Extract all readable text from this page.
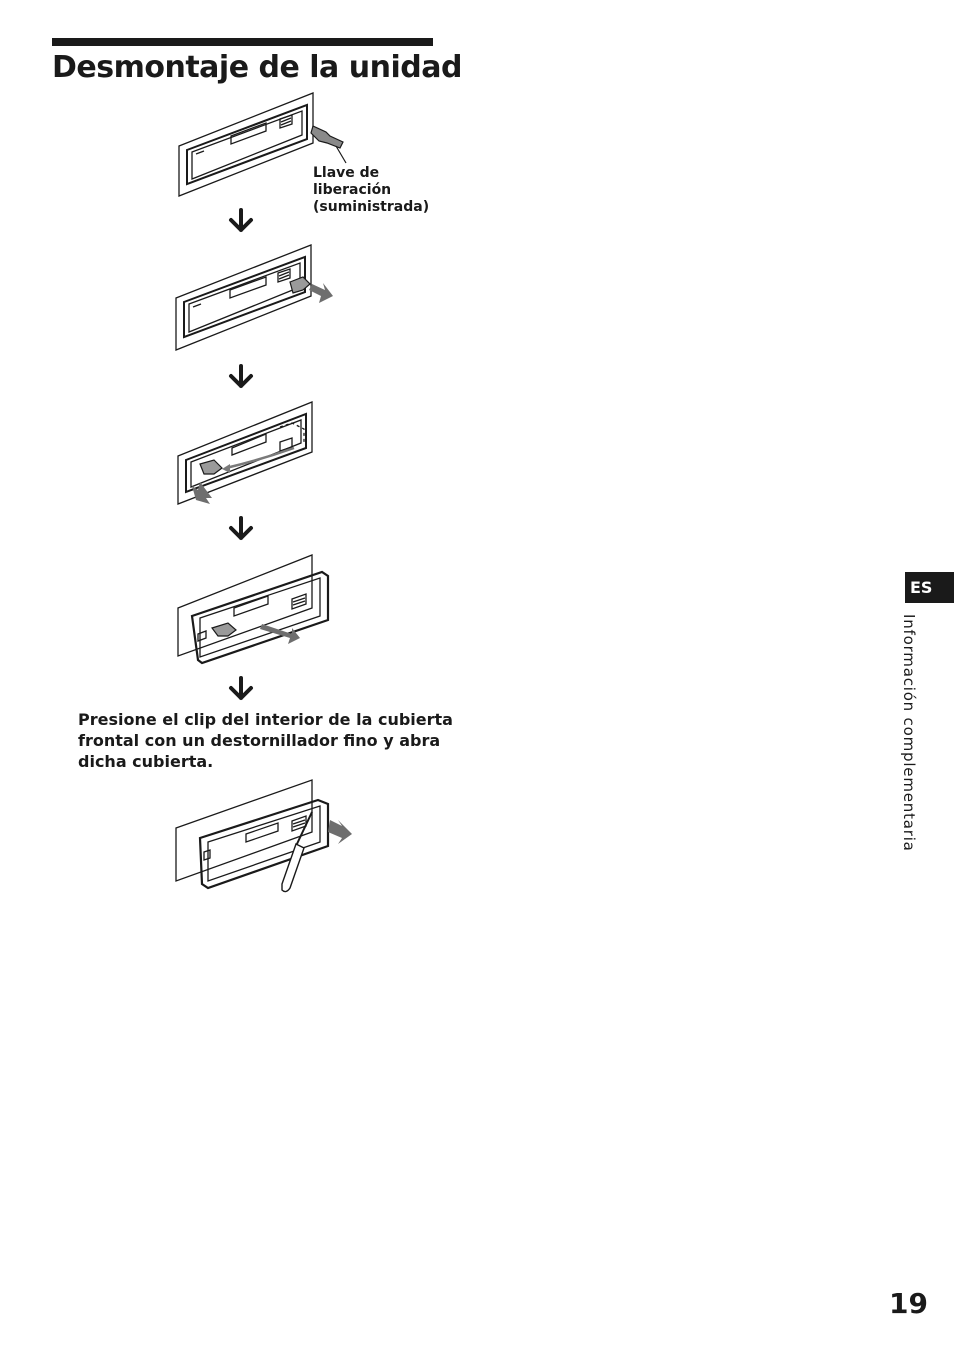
Desmontaje de la unidad
Llave de
liberación
(suministrada)
Presione el clip del interior de la cubierta
frontal con un destornillador fino y abra
dicha cubierta.
ES
Información complementaria
19
